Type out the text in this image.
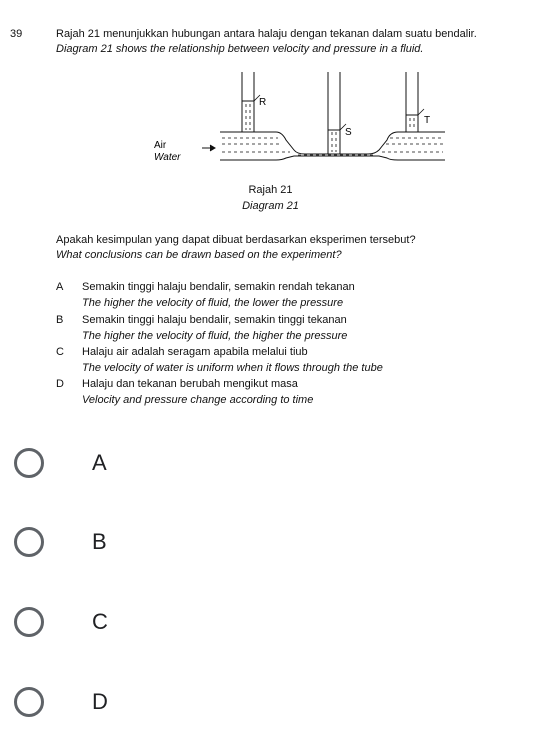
39	Rajah 21 menunjukkan hubungan antara halaju dengan tekanan dalam suatu bendalir.
Diagram 21 shows the relationship between velocity and pressure in a fluid.
R
S
T
Air
Water
Rajah 21
Diagram 21
Apakah kesimpulan yang dapat dibuat berdasarkan eksperimen tersebut?
What conclusions can be drawn based on the experiment?
A Semakin tinggi halaju bendalir, semakin rendah tekanan
The higher the velocity of fluid, the lower the pressure
B Semakin tinggi halaju bendalir, semakin tinggi tekanan
The higher the velocity of fluid, the higher the pressure
C Halaju air adalah seragam apabila melalui tiub
The velocity of water is uniform when it flows through the tube
D Halaju dan tekanan berubah mengikut masa
Velocity and pressure change according to time
A
B
C
D
